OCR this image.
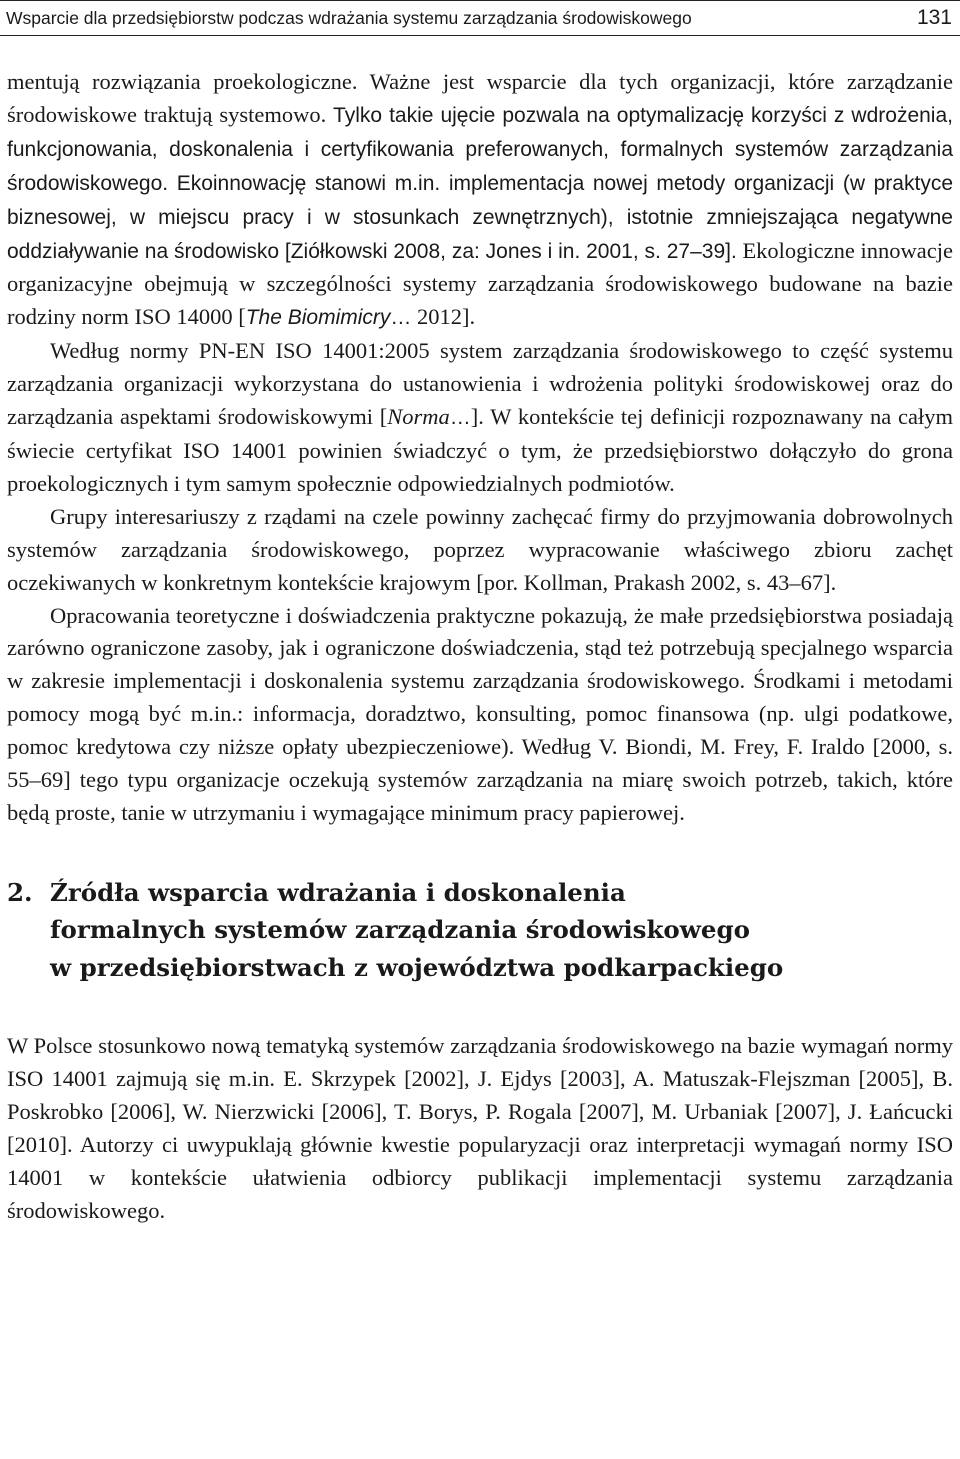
Wsparcie dla przedsiębiorstw podczas wdrażania systemu zarządzania środowiskowego	131

mentują rozwiązania proekologiczne. Ważne jest wsparcie dla tych organizacji, które zarządzanie środowiskowe traktują systemowo. Tylko takie ujęcie pozwala na optymalizację korzyści z wdrożenia, funkcjonowania, doskonalenia i certyfikowania preferowanych, formalnych systemów zarządzania środowiskowego. Ekoinnowację stanowi m.in. implementacja nowej metody organizacji (w praktyce biznesowej, w miejscu pracy i w stosunkach zewnętrznych), istotnie zmniejszająca negatywne oddziaływanie na środowisko [Ziółkowski 2008, za: Jones i in. 2001, s. 27–39]. Ekologiczne innowacje organizacyjne obejmują w szczególności systemy zarządzania środowiskowego budowane na bazie rodziny norm ISO 14000 [The Biomimicry… 2012].

Według normy PN-EN ISO 14001:2005 system zarządzania środowiskowego to część systemu zarządzania organizacji wykorzystana do ustanowienia i wdrożenia polityki środowiskowej oraz do zarządzania aspektami środowiskowymi [Norma…]. W kontekście tej definicji rozpoznawany na całym świecie certyfikat ISO 14001 powinien świadczyć o tym, że przedsiębiorstwo dołączyło do grona proekologicznych i tym samym społecznie odpowiedzialnych podmiotów.

Grupy interesariuszy z rządami na czele powinny zachęcać firmy do przyjmowania dobrowolnych systemów zarządzania środowiskowego, poprzez wypracowanie właściwego zbioru zachęt oczekiwanych w konkretnym kontekście krajowym [por. Kollman, Prakash 2002, s. 43–67].

Opracowania teoretyczne i doświadczenia praktyczne pokazują, że małe przedsiębiorstwa posiadają zarówno ograniczone zasoby, jak i ograniczone doświadczenia, stąd też potrzebują specjalnego wsparcia w zakresie implementacji i doskonalenia systemu zarządzania środowiskowego. Środkami i metodami pomocy mogą być m.in.: informacja, doradztwo, konsulting, pomoc finansowa (np. ulgi podatkowe, pomoc kredytowa czy niższe opłaty ubezpieczeniowe). Według V. Biondi, M. Frey, F. Iraldo [2000, s. 55–69] tego typu organizacje oczekują systemów zarządzania na miarę swoich potrzeb, takich, które będą proste, tanie w utrzymaniu i wymagające minimum pracy papierowej.

2. Źródła wsparcia wdrażania i doskonalenia
formalnych systemów zarządzania środowiskowego
w przedsiębiorstwach z województwa podkarpackiego

W Polsce stosunkowo nową tematyką systemów zarządzania środowiskowego na bazie wymagań normy ISO 14001 zajmują się m.in. E. Skrzypek [2002], J. Ejdys [2003], A. Matuszak-Flejszman [2005], B. Poskrobko [2006], W. Nierzwicki [2006], T. Borys, P. Rogala [2007], M. Urbaniak [2007], J. Łańcucki [2010]. Autorzy ci uwypuklają głównie kwestie popularyzacji oraz interpretacji wymagań normy ISO 14001 w kontekście ułatwienia odbiorcy publikacji implementacji systemu zarządzania środowiskowego.
